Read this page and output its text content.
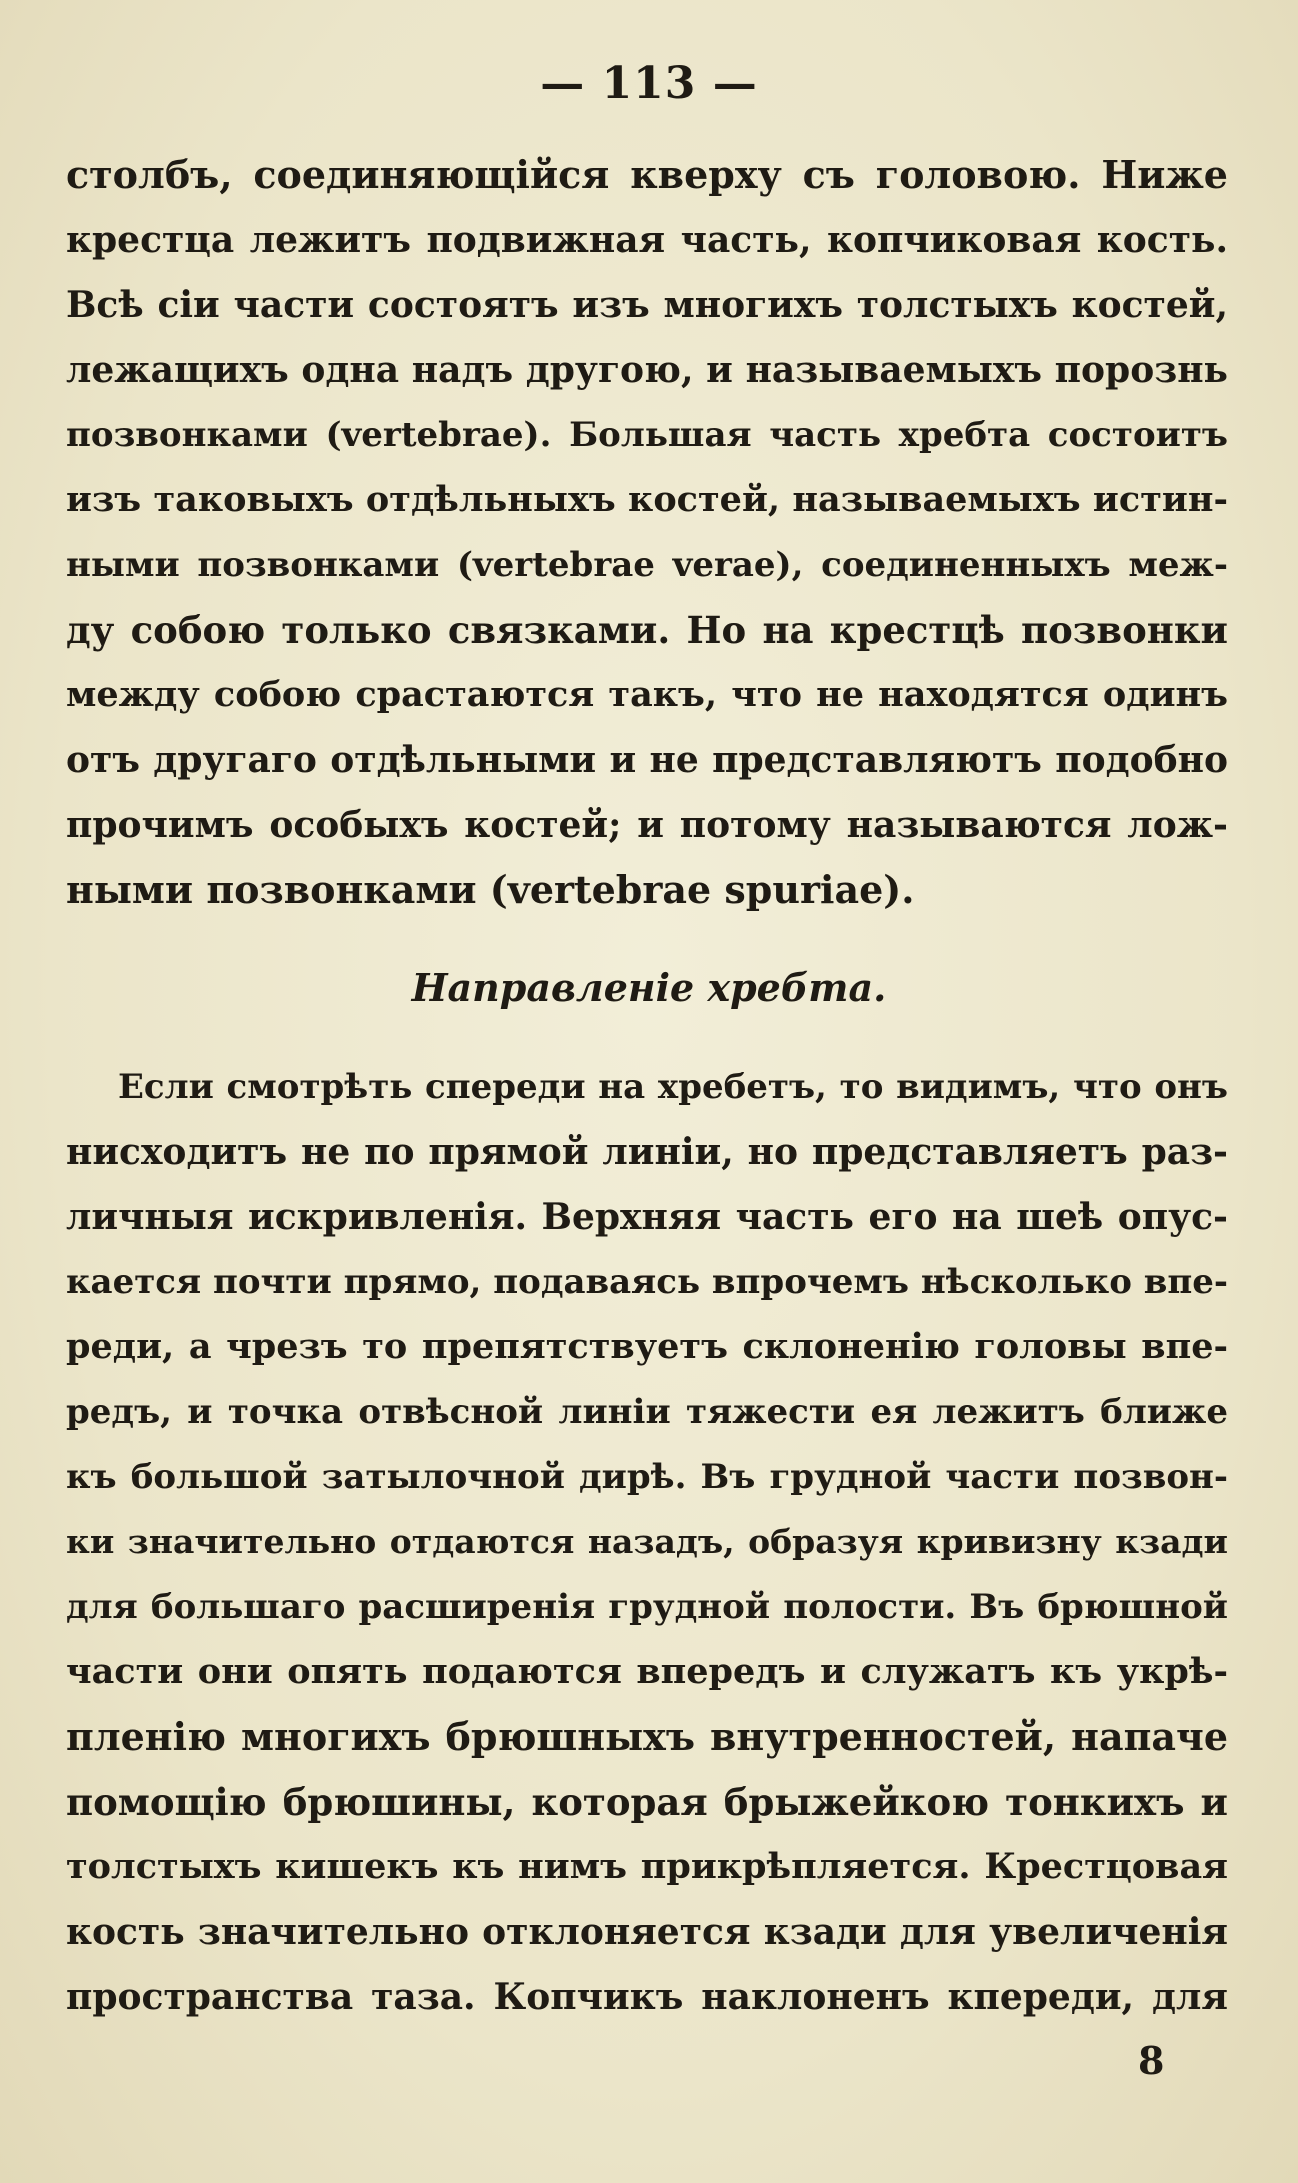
— 113 —
столбъ, соединяющійся кверху съ головою. Ниже
крестца лежитъ подвижная часть, копчиковая кость.
Всѣ сіи части состоятъ изъ многихъ толстыхъ костей,
лежащихъ одна надъ другою, и называемыхъ порознь
позвонками (vertebrae). Большая часть хребта состоитъ
изъ таковыхъ отдѣльныхъ костей, называемыхъ истин-
ными позвонками (vertebrae verae), соединенныхъ меж-
ду собою только связками. Но на крестцѣ позвонки
между собою срастаются такъ, что не находятся одинъ
отъ другаго отдѣльными и не представляютъ подобно
прочимъ особыхъ костей; и потому называются лож-
ными позвонками (vertebrae spuriae).
Направленіе хребта.
Если смотрѣть спереди на хребетъ, то видимъ, что онъ
нисходитъ не по прямой линіи, но представляетъ раз-
личныя искривленія. Верхняя часть его на шеѣ опус-
кается почти прямо, подаваясь впрочемъ нѣсколько впе-
реди, а чрезъ то препятствуетъ склоненію головы впе-
редъ, и точка отвѣсной линіи тяжести ея лежитъ ближе
къ большой затылочной дирѣ. Въ грудной части позвон-
ки значительно отдаются назадъ, образуя кривизну кзади
для большаго расширенія грудной полости. Въ брюшной
части они опять подаются впередъ и служатъ къ укрѣ-
пленію многихъ брюшныхъ внутренностей, напаче
помощію брюшины, которая брыжейкою тонкихъ и
толстыхъ кишекъ къ нимъ прикрѣпляется. Крестцовая
кость значительно отклоняется кзади для увеличенія
пространства таза. Копчикъ наклоненъ кпереди, для
8
